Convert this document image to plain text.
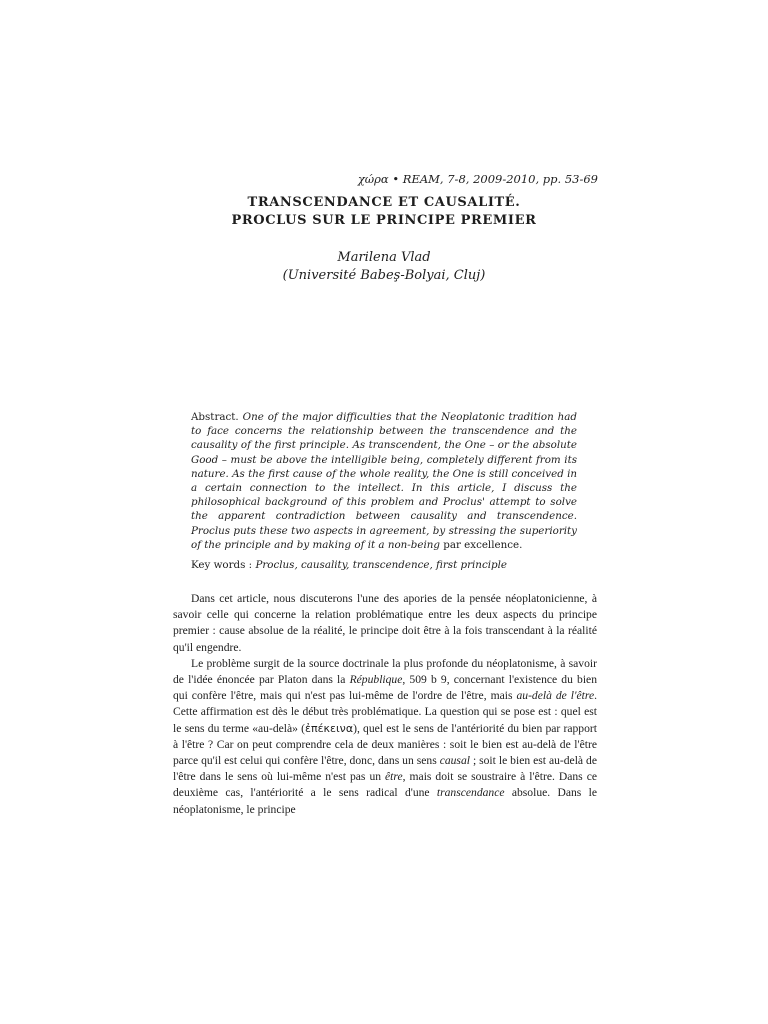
χώρα • REAM, 7-8, 2009-2010, pp. 53-69
TRANSCENDANCE ET CAUSALITÉ.
PROCLUS SUR LE PRINCIPE PREMIER
Marilena Vlad
(Université Babeş-Bolyai, Cluj)
Abstract. One of the major difficulties that the Neoplatonic tradition had to face concerns the relationship between the transcendence and the causality of the first principle. As transcendent, the One – or the absolute Good – must be above the intelligible being, completely different from its nature. As the first cause of the whole reality, the One is still conceived in a certain connection to the intellect. In this article, I discuss the philosophical background of this problem and Proclus' attempt to solve the apparent contradiction between causality and transcendence. Proclus puts these two aspects in agreement, by stressing the superiority of the principle and by making of it a non-being par excellence.
Key words : Proclus, causality, transcendence, first principle

Dans cet article, nous discuterons l'une des apories de la pensée néoplatonicienne, à savoir celle qui concerne la relation problématique entre les deux aspects du principe premier : cause absolue de la réalité, le principe doit être à la fois transcendant à la réalité qu'il engendre.

Le problème surgit de la source doctrinale la plus profonde du néoplatonisme, à savoir de l'idée énoncée par Platon dans la République, 509 b 9, concernant l'existence du bien qui confère l'être, mais qui n'est pas lui-même de l'ordre de l'être, mais au-delà de l'être. Cette affirmation est dès le début très problématique. La question qui se pose est : quel est le sens du terme «au-delà» (ἐπέκεινα), quel est le sens de l'antériorité du bien par rapport à l'être ? Car on peut comprendre cela de deux manières : soit le bien est au-delà de l'être parce qu'il est celui qui confère l'être, donc, dans un sens causal ; soit le bien est au-delà de l'être dans le sens où lui-même n'est pas un être, mais doit se soustraire à l'être. Dans ce deuxième cas, l'antériorité a le sens radical d'une transcendance absolue. Dans le néoplatonisme, le principe
